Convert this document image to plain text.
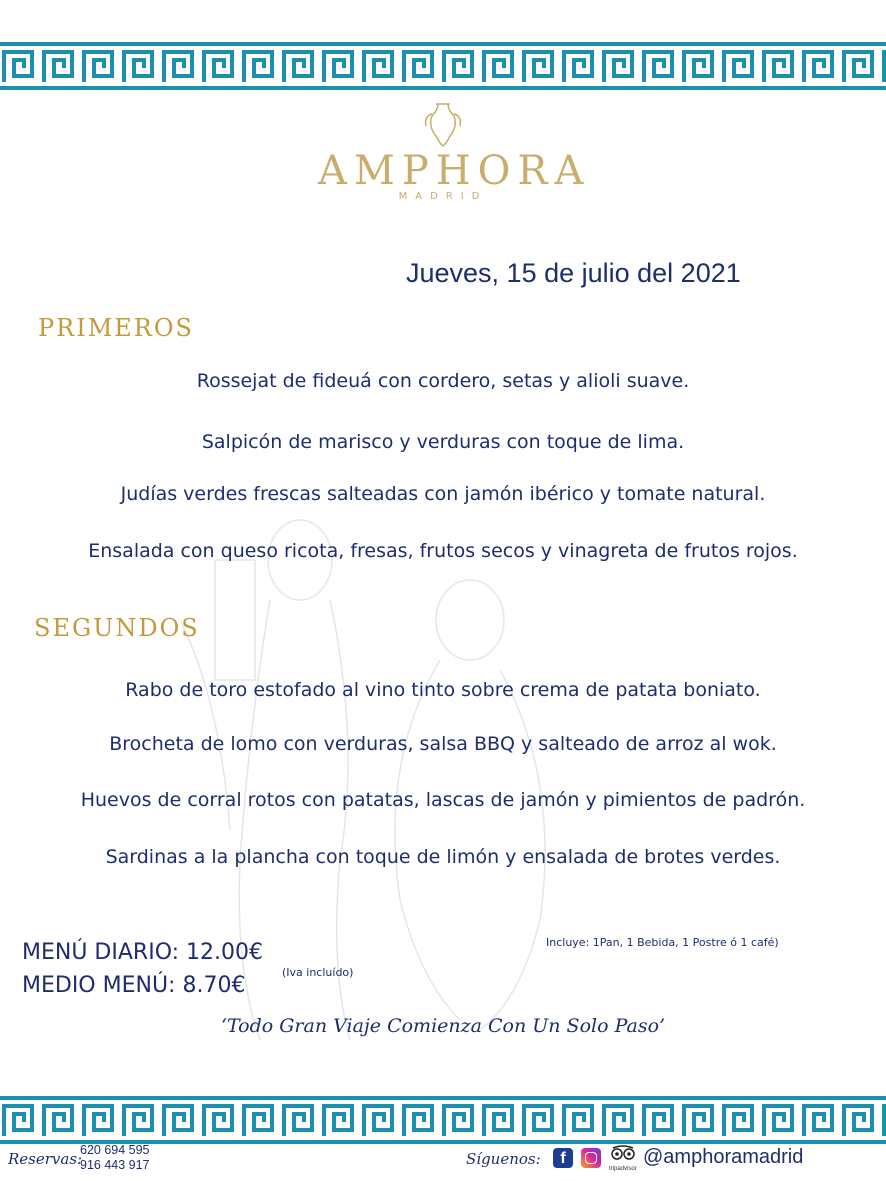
AMPHORA
MADRID
Jueves, 15 de julio del 2021
PRIMEROS
Rossejat de fideuá con cordero, setas y alioli suave.
Salpicón de marisco y verduras con toque de lima.
Judías verdes frescas salteadas con jamón ibérico y tomate natural.
Ensalada con queso ricota, fresas, frutos secos y vinagreta de frutos rojos.
SEGUNDOS
Rabo de toro estofado al vino tinto sobre crema de patata boniato.
Brocheta de lomo con verduras, salsa BBQ y salteado de arroz al wok.
Huevos de corral rotos con patatas, lascas de jamón y pimientos de padrón.
Sardinas a la plancha con toque de limón y ensalada de brotes verdes.
MENÚ DIARIO: 12.00€
MEDIO MENÚ: 8.70€
(Iva incluído)
Incluye: 1Pan, 1 Bebida, 1 Postre ó 1 café)
‘Todo Gran Viaje Comienza Con Un Solo Paso’
Reservas:
620 694 595
916 443 917	Síguenos:	f
tripadvisor
@amphoramadrid
